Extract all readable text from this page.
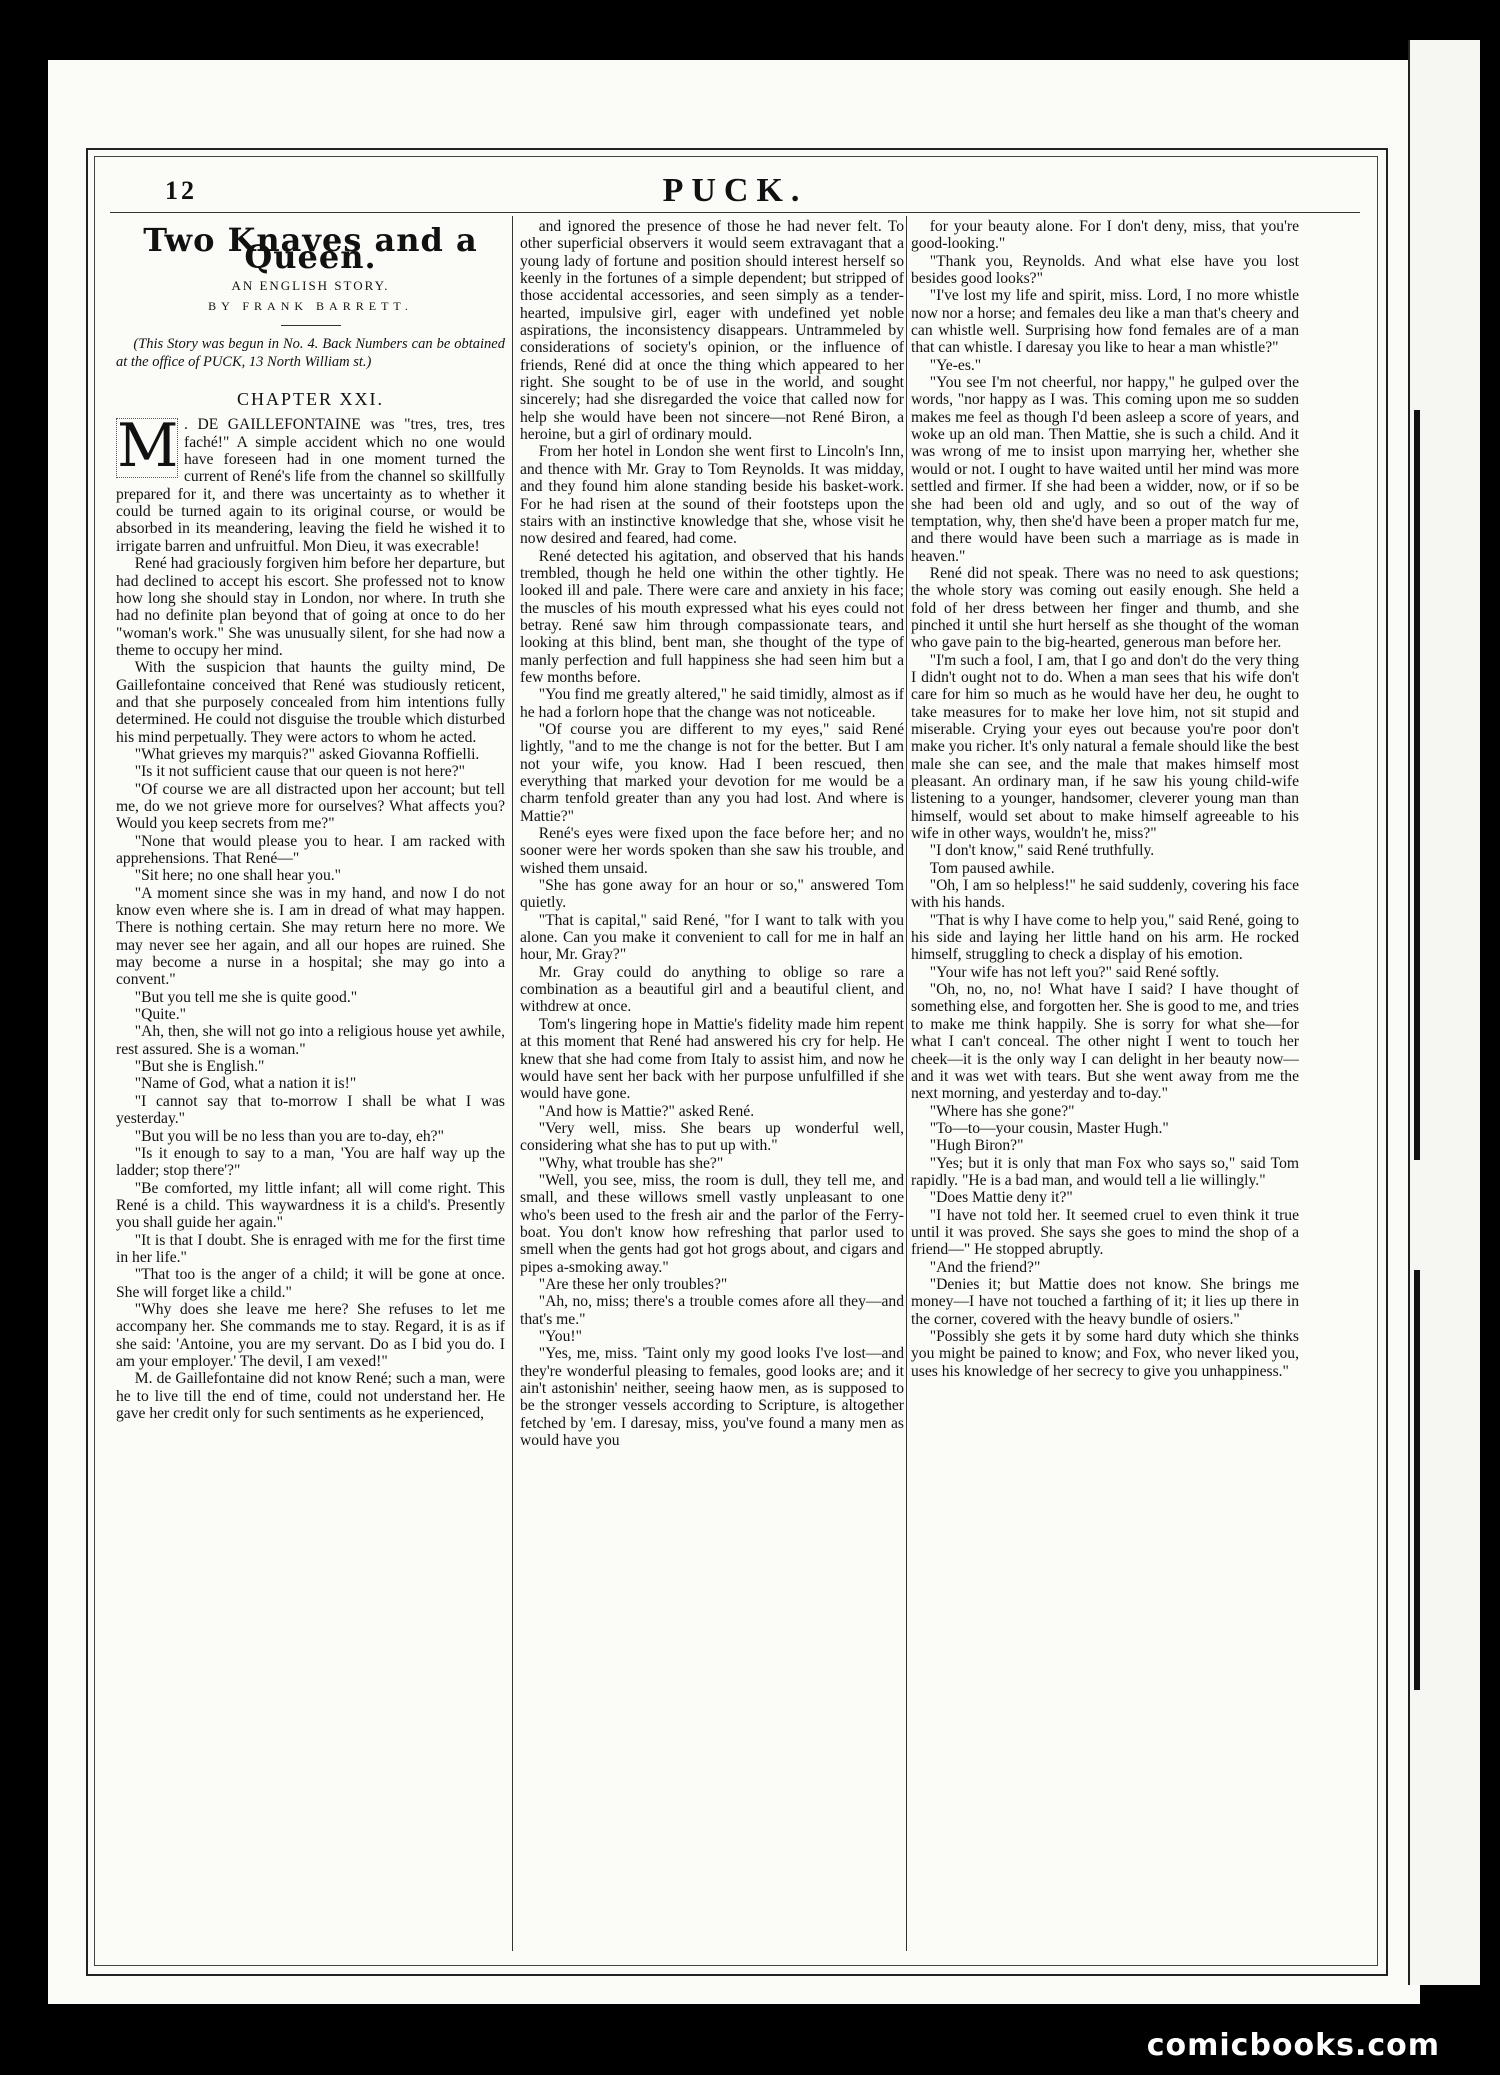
12	PUCK.
Two Knaves and a Queen.
AN ENGLISH STORY.
BY FRANK BARRETT.

(This Story was begun in No. 4. Back Numbers can be obtained at the office of PUCK, 13 North William st.)

CHAPTER XXI.

M . DE GAILLEFONTAINE was "tres, tres, tres faché!" A simple accident which no one would have foreseen had in one moment turned the current of René's life from the channel so skillfully prepared for it, and there was uncertainty as to whether it could be turned again to its original course, or would be absorbed in its meandering, leaving the field he wished it to irrigate barren and unfruitful. Mon Dieu, it was execrable!

René had graciously forgiven him before her departure, but had declined to accept his escort. She professed not to know how long she should stay in London, nor where. In truth she had no definite plan beyond that of going at once to do her "woman's work." She was unusually silent, for she had now a theme to occupy her mind.

With the suspicion that haunts the guilty mind, De Gaillefontaine conceived that René was studiously reticent, and that she purposely concealed from him intentions fully determined. He could not disguise the trouble which disturbed his mind perpetually. They were actors to whom he acted.

"What grieves my marquis?" asked Giovanna Roffielli.

"Is it not sufficient cause that our queen is not here?"

"Of course we are all distracted upon her account; but tell me, do we not grieve more for ourselves? What affects you? Would you keep secrets from me?"

"None that would please you to hear. I am racked with apprehensions. That René—"

"Sit here; no one shall hear you."

"A moment since she was in my hand, and now I do not know even where she is. I am in dread of what may happen. There is nothing certain. She may return here no more. We may never see her again, and all our hopes are ruined. She may become a nurse in a hospital; she may go into a convent."

"But you tell me she is quite good."

"Quite."

"Ah, then, she will not go into a religious house yet awhile, rest assured. She is a woman."

"But she is English."

"Name of God, what a nation it is!"

"I cannot say that to-morrow I shall be what I was yesterday."

"But you will be no less than you are to-day, eh?"

"Is it enough to say to a man, 'You are half way up the ladder; stop there'?"

"Be comforted, my little infant; all will come right. This René is a child. This waywardness it is a child's. Presently you shall guide her again."

"It is that I doubt. She is enraged with me for the first time in her life."

"That too is the anger of a child; it will be gone at once. She will forget like a child."

"Why does she leave me here? She refuses to let me accompany her. She commands me to stay. Regard, it is as if she said: 'Antoine, you are my servant. Do as I bid you do. I am your employer.' The devil, I am vexed!"

M. de Gaillefontaine did not know René; such a man, were he to live till the end of time, could not understand her. He gave her credit only for such sentiments as he experienced,

and ignored the presence of those he had never felt. To other superficial observers it would seem extravagant that a young lady of fortune and position should interest herself so keenly in the fortunes of a simple dependent; but stripped of those accidental accessories, and seen simply as a tender-hearted, impulsive girl, eager with undefined yet noble aspirations, the inconsistency disappears. Untrammeled by considerations of society's opinion, or the influence of friends, René did at once the thing which appeared to her right. She sought to be of use in the world, and sought sincerely; had she disregarded the voice that called now for help she would have been not sincere—not René Biron, a heroine, but a girl of ordinary mould.

From her hotel in London she went first to Lincoln's Inn, and thence with Mr. Gray to Tom Reynolds. It was midday, and they found him alone standing beside his basket-work. For he had risen at the sound of their footsteps upon the stairs with an instinctive knowledge that she, whose visit he now desired and feared, had come.

René detected his agitation, and observed that his hands trembled, though he held one within the other tightly. He looked ill and pale. There were care and anxiety in his face; the muscles of his mouth expressed what his eyes could not betray. René saw him through compassionate tears, and looking at this blind, bent man, she thought of the type of manly perfection and full happiness she had seen him but a few months before.

"You find me greatly altered," he said timidly, almost as if he had a forlorn hope that the change was not noticeable.

"Of course you are different to my eyes," said René lightly, "and to me the change is not for the better. But I am not your wife, you know. Had I been rescued, then everything that marked your devotion for me would be a charm tenfold greater than any you had lost. And where is Mattie?"

René's eyes were fixed upon the face before her; and no sooner were her words spoken than she saw his trouble, and wished them unsaid.

"She has gone away for an hour or so," answered Tom quietly.

"That is capital," said René, "for I want to talk with you alone. Can you make it convenient to call for me in half an hour, Mr. Gray?"

Mr. Gray could do anything to oblige so rare a combination as a beautiful girl and a beautiful client, and withdrew at once.

Tom's lingering hope in Mattie's fidelity made him repent at this moment that René had answered his cry for help. He knew that she had come from Italy to assist him, and now he would have sent her back with her purpose unfulfilled if she would have gone.

"And how is Mattie?" asked René.

"Very well, miss. She bears up wonderful well, considering what she has to put up with."

"Why, what trouble has she?"

"Well, you see, miss, the room is dull, they tell me, and small, and these willows smell vastly unpleasant to one who's been used to the fresh air and the parlor of the Ferry-boat. You don't know how refreshing that parlor used to smell when the gents had got hot grogs about, and cigars and pipes a-smoking away."

"Are these her only troubles?"

"Ah, no, miss; there's a trouble comes afore all they—and that's me."

"You!"

"Yes, me, miss. 'Taint only my good looks I've lost—and they're wonderful pleasing to females, good looks are; and it ain't astonishin' neither, seeing haow men, as is supposed to be the stronger vessels according to Scripture, is altogether fetched by 'em. I daresay, miss, you've found a many men as would have you

for your beauty alone. For I don't deny, miss, that you're good-looking."

"Thank you, Reynolds. And what else have you lost besides good looks?"

"I've lost my life and spirit, miss. Lord, I no more whistle now nor a horse; and females deu like a man that's cheery and can whistle well. Surprising how fond females are of a man that can whistle. I daresay you like to hear a man whistle?"

"Ye-es."

"You see I'm not cheerful, nor happy," he gulped over the words, "nor happy as I was. This coming upon me so sudden makes me feel as though I'd been asleep a score of years, and woke up an old man. Then Mattie, she is such a child. And it was wrong of me to insist upon marrying her, whether she would or not. I ought to have waited until her mind was more settled and firmer. If she had been a widder, now, or if so be she had been old and ugly, and so out of the way of temptation, why, then she'd have been a proper match fur me, and there would have been such a marriage as is made in heaven."

René did not speak. There was no need to ask questions; the whole story was coming out easily enough. She held a fold of her dress between her finger and thumb, and she pinched it until she hurt herself as she thought of the woman who gave pain to the big-hearted, generous man before her.

"I'm such a fool, I am, that I go and don't do the very thing I didn't ought not to do. When a man sees that his wife don't care for him so much as he would have her deu, he ought to take measures for to make her love him, not sit stupid and miserable. Crying your eyes out because you're poor don't make you richer. It's only natural a female should like the best male she can see, and the male that makes himself most pleasant. An ordinary man, if he saw his young child-wife listening to a younger, handsomer, cleverer young man than himself, would set about to make himself agreeable to his wife in other ways, wouldn't he, miss?"

"I don't know," said René truthfully.

Tom paused awhile.

"Oh, I am so helpless!" he said suddenly, covering his face with his hands.

"That is why I have come to help you," said René, going to his side and laying her little hand on his arm. He rocked himself, struggling to check a display of his emotion.

"Your wife has not left you?" said René softly.

"Oh, no, no, no! What have I said? I have thought of something else, and forgotten her. She is good to me, and tries to make me think happily. She is sorry for what she—for what I can't conceal. The other night I went to touch her cheek—it is the only way I can delight in her beauty now—and it was wet with tears. But she went away from me the next morning, and yesterday and to-day."

"Where has she gone?"

"To—to—your cousin, Master Hugh."

"Hugh Biron?"

"Yes; but it is only that man Fox who says so," said Tom rapidly. "He is a bad man, and would tell a lie willingly."

"Does Mattie deny it?"

"I have not told her. It seemed cruel to even think it true until it was proved. She says she goes to mind the shop of a friend—" He stopped abruptly.

"And the friend?"

"Denies it; but Mattie does not know. She brings me money—I have not touched a farthing of it; it lies up there in the corner, covered with the heavy bundle of osiers."

"Possibly she gets it by some hard duty which she thinks you might be pained to know; and Fox, who never liked you, uses his knowledge of her secrecy to give you unhappiness."

comicbooks.com
